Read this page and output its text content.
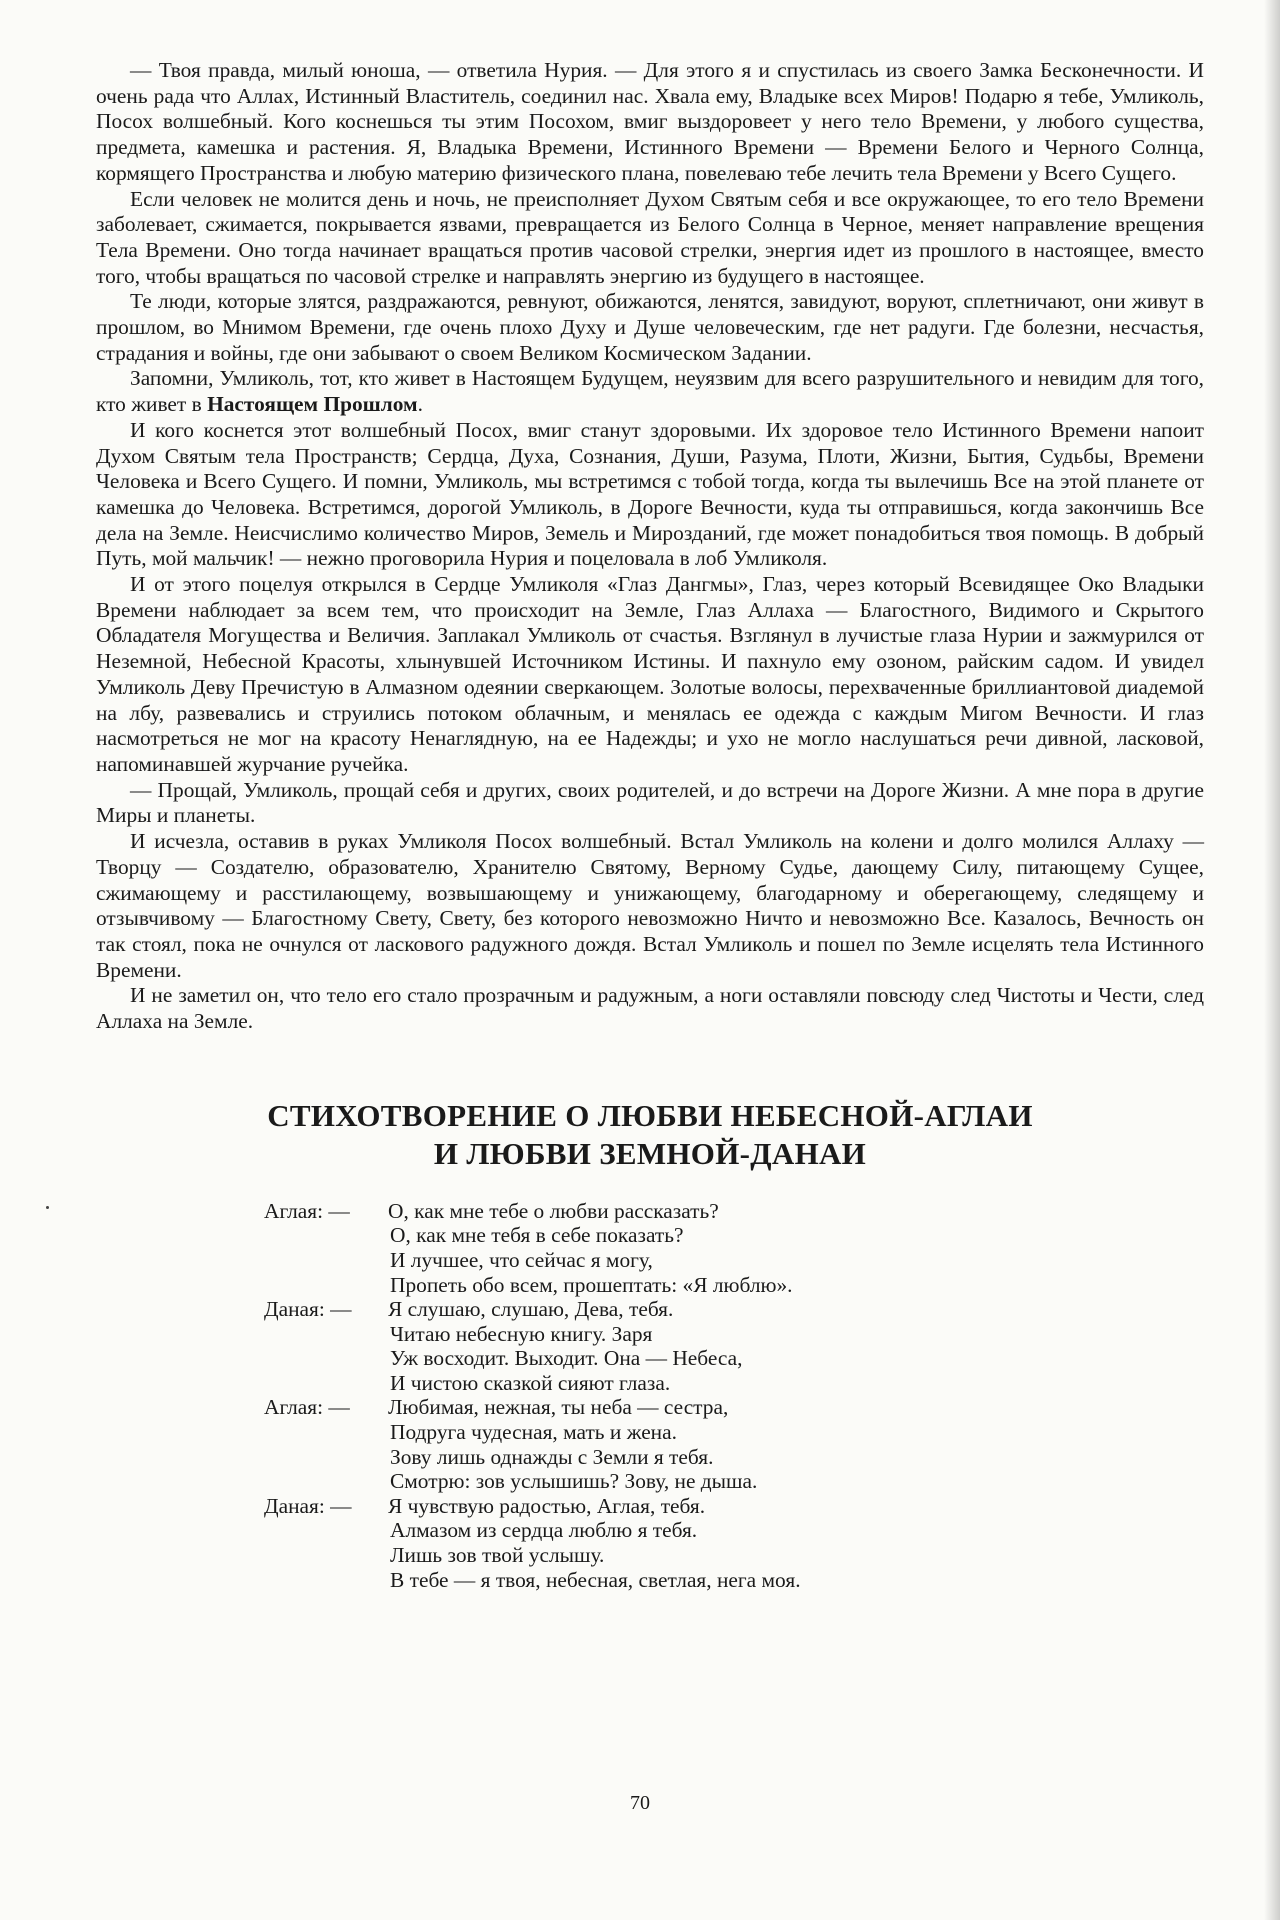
— Твоя правда, милый юноша, — ответила Нурия. — Для этого я и спустилась из своего Замка Бесконечности. И очень рада что Аллах, Истинный Властитель, соединил нас. Хвала ему, Владыке всех Миров! Подарю я тебе, Умликоль, Посох волшебный. Кого коснешься ты этим Посохом, вмиг выздоровеет у него тело Времени, у любого существа, предмета, камешка и растения. Я, Владыка Времени, Истинного Времени — Времени Белого и Черного Солнца, кормящего Пространства и любую материю физического плана, повелеваю тебе лечить тела Времени у Всего Сущего.

Если человек не молится день и ночь, не преисполняет Духом Святым себя и все окружающее, то его тело Времени заболевает, сжимается, покрывается язвами, превращается из Белого Солнца в Черное, меняет направление врещения Тела Времени. Оно тогда начинает вращаться против часовой стрелки, энергия идет из прошлого в настоящее, вместо того, чтобы вращаться по часовой стрелке и направлять энергию из будущего в настоящее.

Те люди, которые злятся, раздражаются, ревнуют, обижаются, ленятся, завидуют, воруют, сплетничают, они живут в прошлом, во Мнимом Времени, где очень плохо Духу и Душе человеческим, где нет радуги. Где болезни, несчастья, страдания и войны, где они забывают о своем Великом Космическом Задании.

Запомни, Умликоль, тот, кто живет в Настоящем Будущем, неуязвим для всего разрушительного и невидим для того, кто живет в Настоящем Прошлом.

И кого коснется этот волшебный Посох, вмиг станут здоровыми. Их здоровое тело Истинного Времени напоит Духом Святым тела Пространств; Сердца, Духа, Сознания, Души, Разума, Плоти, Жизни, Бытия, Судьбы, Времени Человека и Всего Сущего. И помни, Умликоль, мы встретимся с тобой тогда, когда ты вылечишь Все на этой планете от камешка до Человека. Встретимся, дорогой Умликоль, в Дороге Вечности, куда ты отправишься, когда закончишь Все дела на Земле. Неисчислимо количество Миров, Земель и Мирозданий, где может понадобиться твоя помощь. В добрый Путь, мой мальчик! — нежно проговорила Нурия и поцеловала в лоб Умликоля.

И от этого поцелуя открылся в Сердце Умликоля «Глаз Дангмы», Глаз, через который Всевидящее Око Владыки Времени наблюдает за всем тем, что происходит на Земле, Глаз Аллаха — Благостного, Видимого и Скрытого Обладателя Могущества и Величия. Заплакал Умликоль от счастья. Взглянул в лучистые глаза Нурии и зажмурился от Неземной, Небесной Красоты, хлынувшей Источником Истины. И пахнуло ему озоном, райским садом. И увидел Умликоль Деву Пречистую в Алмазном одеянии сверкающем. Золотые волосы, перехваченные бриллиантовой диадемой на лбу, развевались и струились потоком облачным, и менялась ее одежда с каждым Мигом Вечности. И глаз насмотреться не мог на красоту Ненаглядную, на ее Надежды; и ухо не могло наслушаться речи дивной, ласковой, напоминавшей журчание ручейка.

— Прощай, Умликоль, прощай себя и других, своих родителей, и до встречи на Дороге Жизни. А мне пора в другие Миры и планеты.

И исчезла, оставив в руках Умликоля Посох волшебный. Встал Умликоль на колени и долго молился Аллаху — Творцу — Создателю, образователю, Хранителю Святому, Верному Судье, дающему Силу, питающему Сущее, сжимающему и расстилающему, возвышающему и унижающему, благодарному и оберегающему, следящему и отзывчивому — Благостному Свету, Свету, без которого невозможно Ничто и невозможно Все. Казалось, Вечность он так стоял, пока не очнулся от ласкового радужного дождя. Встал Умликоль и пошел по Земле исцелять тела Истинного Времени.

И не заметил он, что тело его стало прозрачным и радужным, а ноги оставляли повсюду след Чистоты и Чести, след Аллаха на Земле.

СТИХОТВОРЕНИЕ О ЛЮБВИ НЕБЕСНОЙ-АГЛАИ
И ЛЮБВИ ЗЕМНОЙ-ДАНАИ
Аглая: —	О, как мне тебе о любви рассказать?
О, как мне тебя в себе показать?
И лучшее, что сейчас я могу,
Пропеть обо всем, прошептать: «Я люблю».
Даная: —	Я слушаю, слушаю, Дева, тебя.
Читаю небесную книгу. Заря
Уж восходит. Выходит. Она — Небеса,
И чистою сказкой сияют глаза.
Аглая: —	Любимая, нежная, ты неба — сестра,
Подруга чудесная, мать и жена.
Зову лишь однажды с Земли я тебя.
Смотрю: зов услышишь? Зову, не дыша.
Даная: —	Я чувствую радостью, Аглая, тебя.
Алмазом из сердца люблю я тебя.
Лишь зов твой услышу.
В тебе — я твоя, небесная, светлая, нега моя.
70
